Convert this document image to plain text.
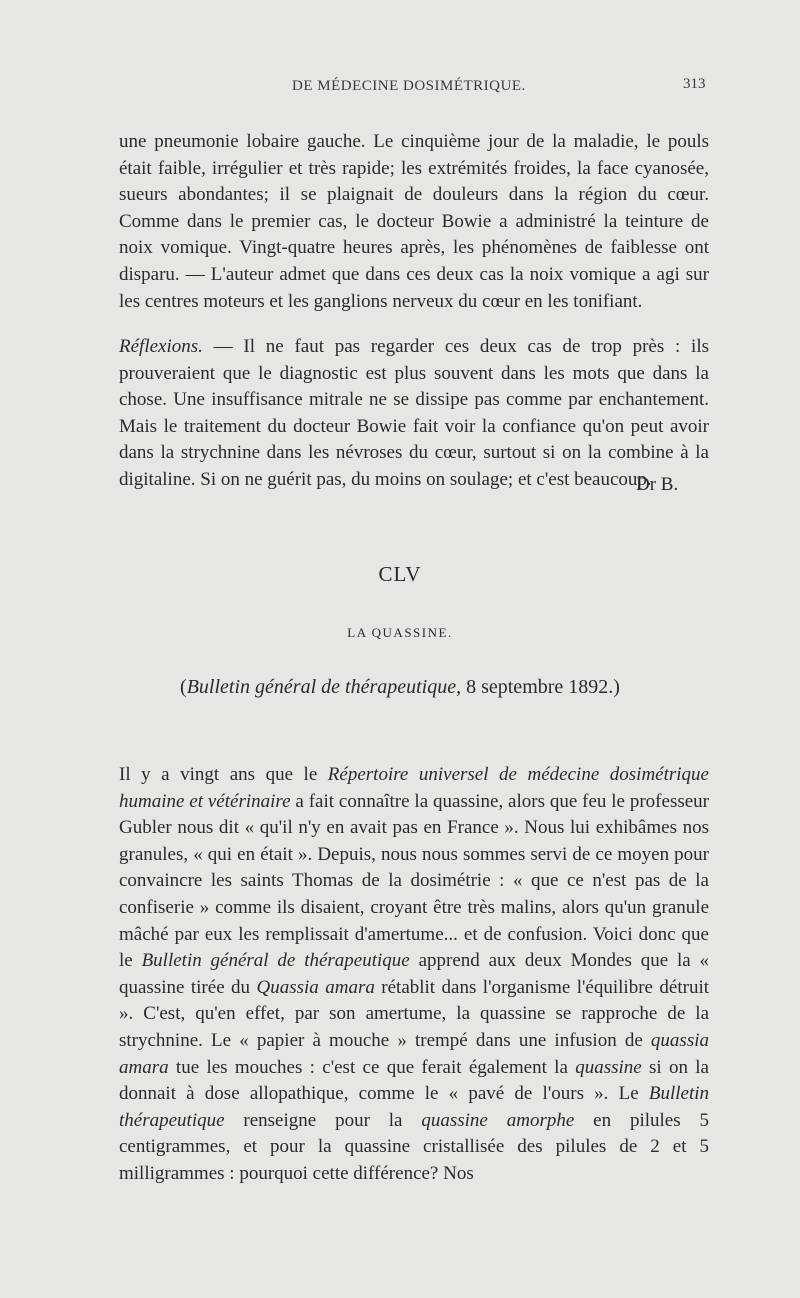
DE MÉDECINE DOSIMÉTRIQUE.	313

une pneumonie lobaire gauche. Le cinquième jour de la maladie, le pouls était faible, irrégulier et très rapide; les extrémités froides, la face cyanosée, sueurs abondantes; il se plaignait de douleurs dans la région du cœur. Comme dans le premier cas, le docteur Bowie a administré la teinture de noix vomique. Vingt-quatre heures après, les phénomènes de faiblesse ont disparu. — L'auteur admet que dans ces deux cas la noix vomique a agi sur les centres moteurs et les ganglions nerveux du cœur en les tonifiant.

Réflexions. — Il ne faut pas regarder ces deux cas de trop près : ils prouveraient que le diagnostic est plus souvent dans les mots que dans la chose. Une insuffisance mitrale ne se dissipe pas comme par enchantement. Mais le traitement du docteur Bowie fait voir la confiance qu'on peut avoir dans la strychnine dans les névroses du cœur, surtout si on la combine à la digitaline. Si on ne guérit pas, du moins on soulage; et c'est beaucoup.

Dr B.
CLV
LA QUASSINE.
(Bulletin général de thérapeutique, 8 septembre 1892.)

Il y a vingt ans que le Répertoire universel de médecine dosimétrique humaine et vétérinaire a fait connaître la quassine, alors que feu le professeur Gubler nous dit « qu'il n'y en avait pas en France ». Nous lui exhibâmes nos granules, « qui en était ». Depuis, nous nous sommes servi de ce moyen pour convaincre les saints Thomas de la dosimétrie : « que ce n'est pas de la confiserie » comme ils disaient, croyant être très malins, alors qu'un granule mâché par eux les remplissait d'amertume... et de confusion. Voici donc que le Bulletin général de thérapeutique apprend aux deux Mondes que la « quassine tirée du Quassia amara rétablit dans l'organisme l'équilibre détruit ». C'est, qu'en effet, par son amertume, la quassine se rapproche de la strychnine. Le « papier à mouche » trempé dans une infusion de quassia amara tue les mouches : c'est ce que ferait également la quassine si on la donnait à dose allopathique, comme le « pavé de l'ours ». Le Bulletin thérapeutique renseigne pour la quassine amorphe en pilules 5 centigrammes, et pour la quassine cristallisée des pilules de 2 et 5 milligrammes : pourquoi cette différence? Nos
